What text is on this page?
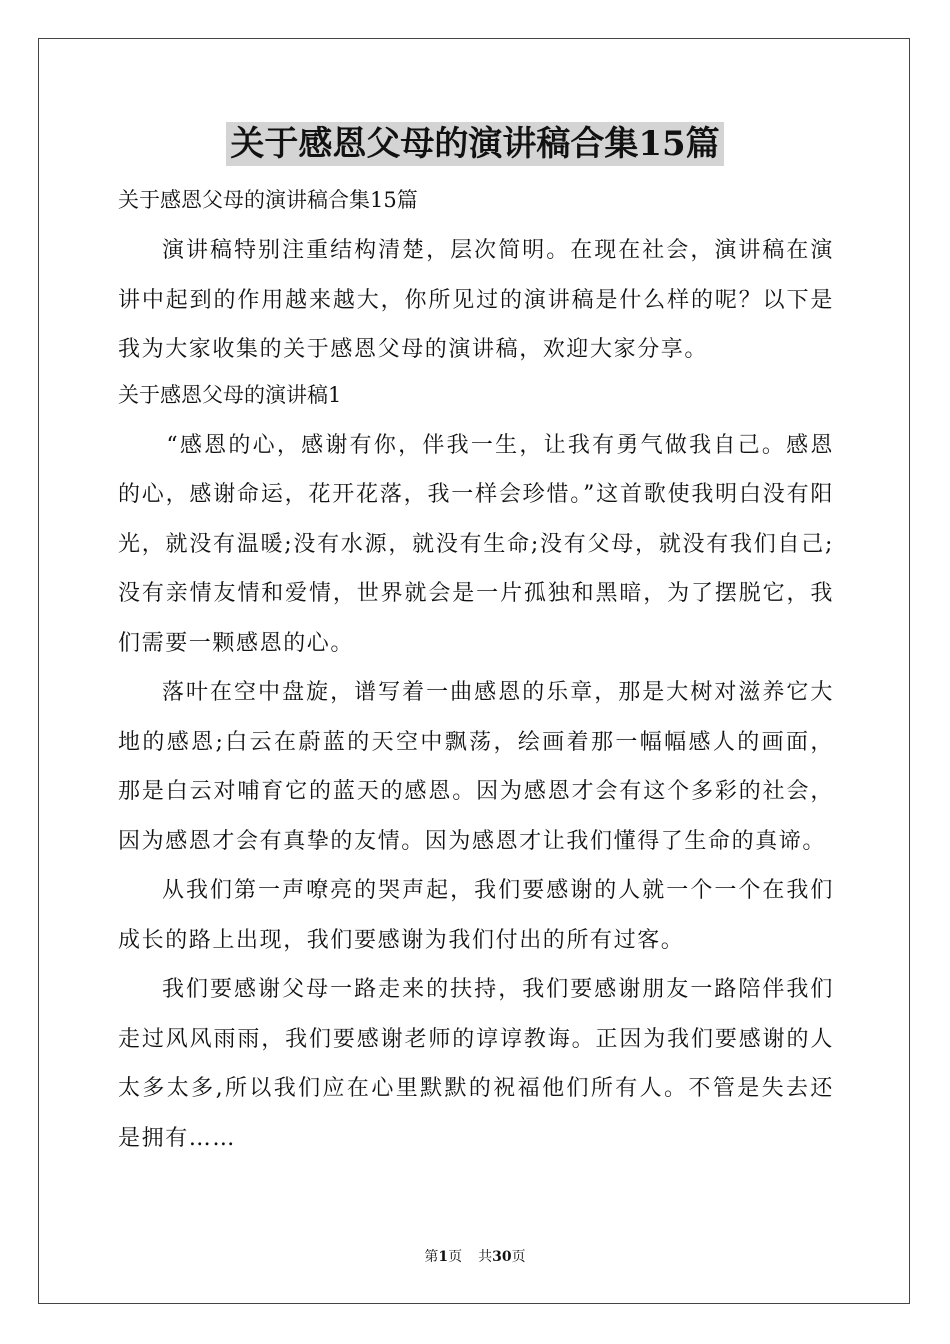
关于感恩父母的演讲稿合集15篇

关于感恩父母的演讲稿合集15篇

演讲稿特别注重结构清楚，层次简明。在现在社会，演讲稿在演讲中起到的作用越来越大，你所见过的演讲稿是什么样的呢？以下是我为大家收集的关于感恩父母的演讲稿，欢迎大家分享。

关于感恩父母的演讲稿1

“感恩的心，感谢有你，伴我一生，让我有勇气做我自己。感恩的心，感谢命运，花开花落，我一样会珍惜。”这首歌使我明白没有阳光，就没有温暖;没有水源，就没有生命;没有父母，就没有我们自己;没有亲情友情和爱情，世界就会是一片孤独和黑暗，为了摆脱它，我们需要一颗感恩的心。

落叶在空中盘旋，谱写着一曲感恩的乐章，那是大树对滋养它大地的感恩;白云在蔚蓝的天空中飘荡，绘画着那一幅幅感人的画面，那是白云对哺育它的蓝天的感恩。因为感恩才会有这个多彩的社会，因为感恩才会有真挚的友情。因为感恩才让我们懂得了生命的真谛。

从我们第一声嘹亮的哭声起，我们要感谢的人就一个一个在我们成长的路上出现，我们要感谢为我们付出的所有过客。

我们要感谢父母一路走来的扶持，我们要感谢朋友一路陪伴我们走过风风雨雨，我们要感谢老师的谆谆教诲。正因为我们要感谢的人太多太多,所以我们应在心里默默的祝福他们所有人。不管是失去还是拥有……

第1页 共30页
